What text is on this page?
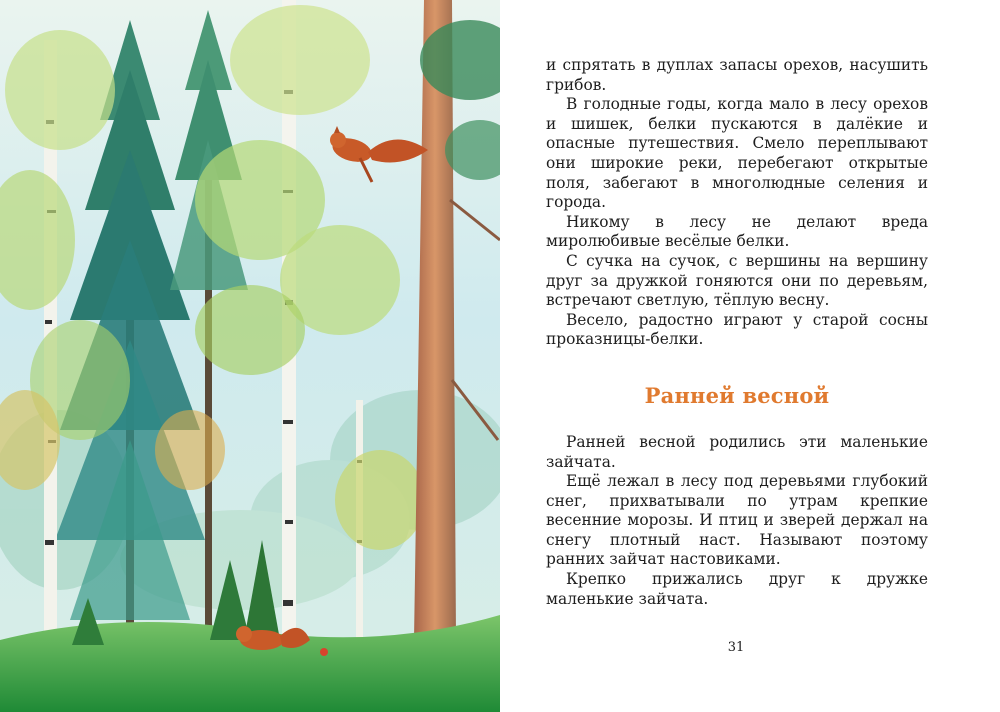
и спрятать в дуплах запасы орехов, насушить грибов.

В голодные годы, когда мало в лесу орехов и шишек, белки пускаются в далёкие и опасные путешествия. Смело переплывают они широкие реки, перебегают открытые поля, забегают в многолюдные селения и города.

Никому в лесу не делают вреда миролюбивые весёлые белки.

С сучка на сучок, с вершины на вершину друг за дружкой гоняются они по деревьям, встречают светлую, тёплую весну.

Весело, радостно играют у старой сосны проказницы-белки.

Ранней весной

Ранней весной родились эти маленькие зайчата.

Ещё лежал в лесу под деревьями глубокий снег, прихватывали по утрам крепкие весенние морозы. И птиц и зверей держал на снегу плотный наст. Называют поэтому ранних зайчат настовиками.

Крепко прижались друг к дружке маленькие зайчата.

31
